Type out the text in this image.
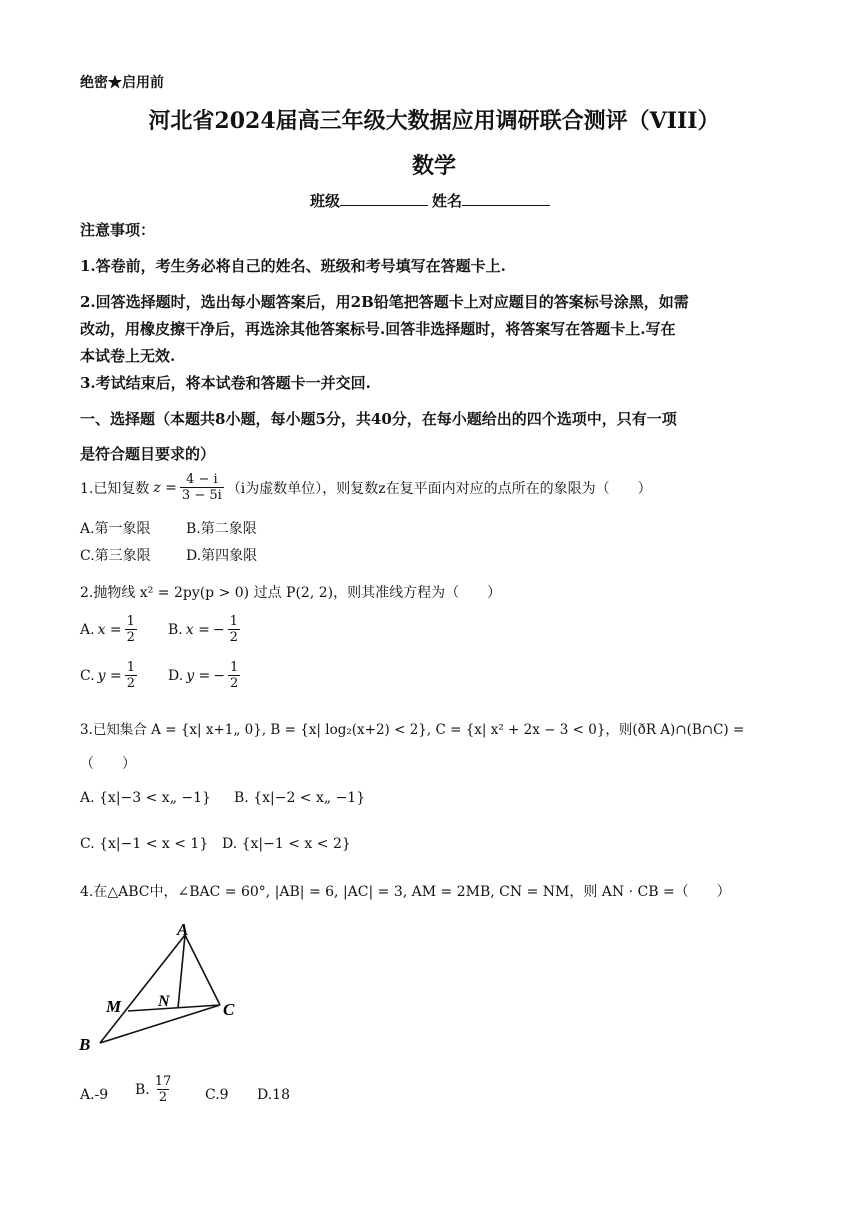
绝密★启用前
河北省2024届高三年级大数据应用调研联合测评（VIII）
数学
班级	姓名
注意事项：
1.答卷前，考生务必将自己的姓名、班级和考号填写在答题卡上.
2.回答选择题时，选出每小题答案后，用2B铅笔把答题卡上对应题目的答案标号涂黑，如需
改动，用橡皮擦干净后，再选涂其他答案标号.回答非选择题时，将答案写在答题卡上.写在
本试卷上无效.
3.考试结束后，将本试卷和答题卡一并交回.
一、选择题（本题共8小题，每小题5分，共40分，在每小题给出的四个选项中，只有一项
是符合题目要求的）
1.已知复数 $z = \frac{4 - i}{3 - 5i} (i$为虚数单位），则复数z在复平面内对应的点所在的象限为（　　）
A.第一象限	B.第二象限
C.第三象限	D.第四象限
2.抛物线 x² = 2py(p > 0) 过点 P(2, 2)，则其准线方程为（　　）
A. $x = \frac{1}{2} B$. x = − $\frac{1}{2}$
C. $y = \frac{1}{2} D$. y = − $\frac{1}{2}$
3.已知集合 A = {x| x+1„ 0}, B = {x| log₂(x+2) < 2}, C = {x| x² + 2x − 3 < 0}，则(ðR A)∩(B∩C) =
（　　）
A. {x|−3 < x„ −1} B. {x|−2 < x„ −1}
C. {x|−1 < x < 1} D. {x|−1 < x < 2}
4.在△ABC中，∠BAC = 60°, |AB| = 6, |AC| = 3, AM = 2MB, CN = NM，则 AN · CB =（　　）
A
B
C
M N
A.-9 B. $\frac{17}{2} C.9$ D.18
